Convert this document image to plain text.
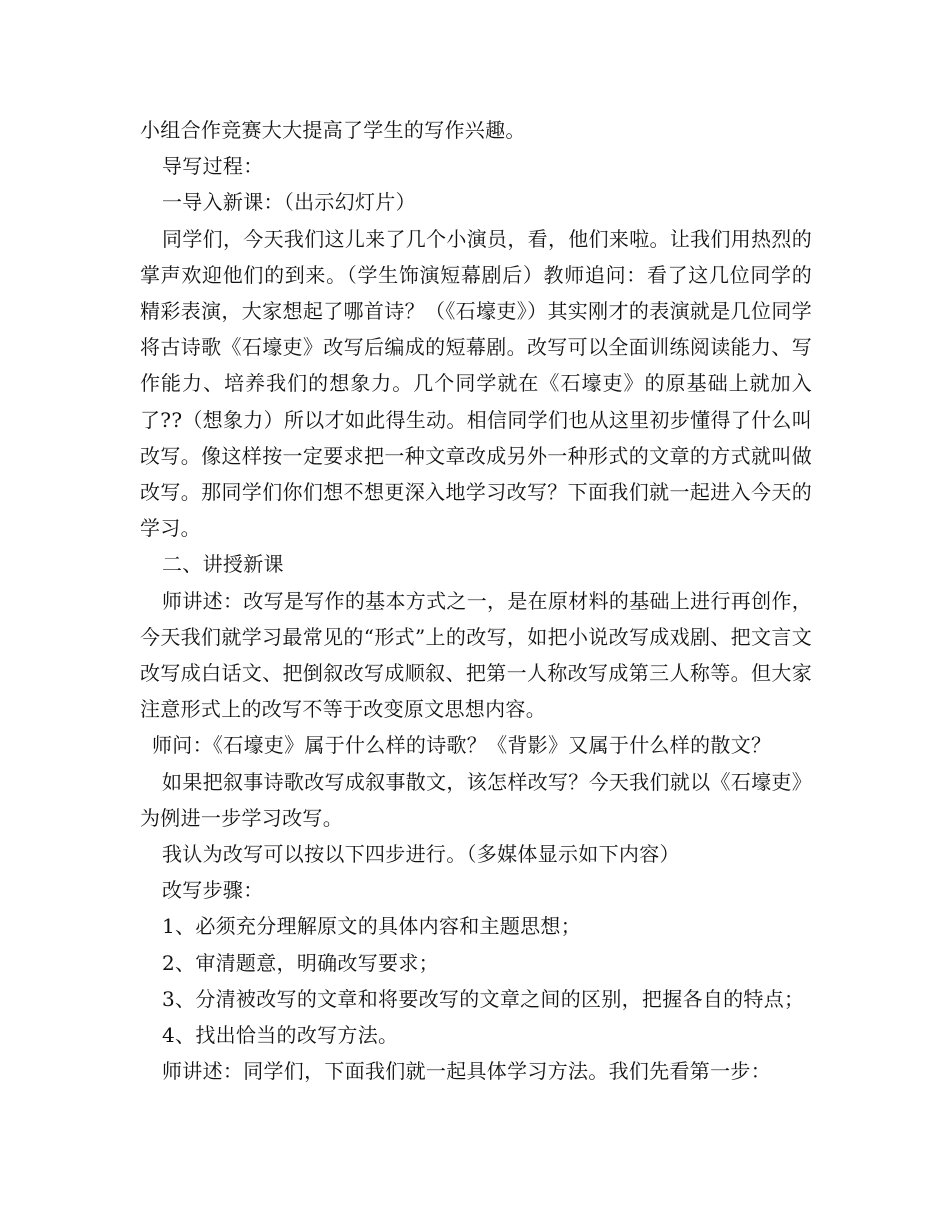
小组合作竞赛大大提高了学生的写作兴趣。

导写过程：

一导入新课：（出示幻灯片）

同学们，今天我们这儿来了几个小演员，看，他们来啦。让我们用热烈的掌声欢迎他们的到来。（学生饰演短幕剧后）教师追问：看了这几位同学的精彩表演，大家想起了哪首诗？（《石壕吏》）其实刚才的表演就是几位同学将古诗歌《石壕吏》改写后编成的短幕剧。改写可以全面训练阅读能力、写作能力、培养我们的想象力。几个同学就在《石壕吏》的原基础上就加入了??（想象力）所以才如此得生动。相信同学们也从这里初步懂得了什么叫改写。像这样按一定要求把一种文章改成另外一种形式的文章的方式就叫做改写。那同学们你们想不想更深入地学习改写？下面我们就一起进入今天的学习。

二、讲授新课

师讲述：改写是写作的基本方式之一，是在原材料的基础上进行再创作，今天我们就学习最常见的“形式”上的改写，如把小说改写成戏剧、把文言文改写成白话文、把倒叙改写成顺叙、把第一人称改写成第三人称等。但大家注意形式上的改写不等于改变原文思想内容。

师问：《石壕吏》属于什么样的诗歌？《背影》又属于什么样的散文？

如果把叙事诗歌改写成叙事散文，该怎样改写？今天我们就以《石壕吏》为例进一步学习改写。

我认为改写可以按以下四步进行。（多媒体显示如下内容）

改写步骤：

1、必须充分理解原文的具体内容和主题思想；

2、审清题意，明确改写要求；

3、分清被改写的文章和将要改写的文章之间的区别，把握各自的特点；

4、找出恰当的改写方法。

师讲述：同学们，下面我们就一起具体学习方法。我们先看第一步：
